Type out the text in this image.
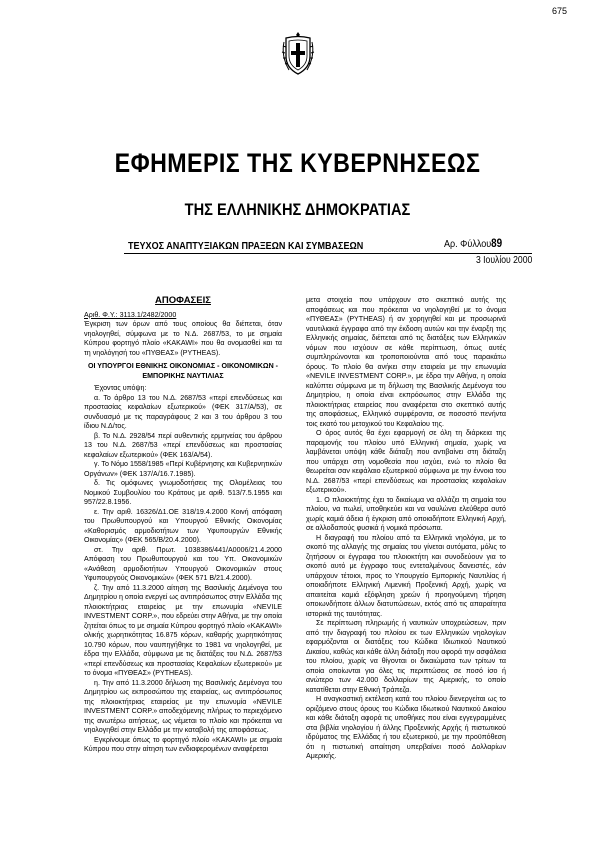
675
ΕΦΗΜΕΡΙΣ ΤΗΣ ΚΥΒΕΡΝΗΣΕΩΣ
ΤΗΣ ΕΛΛΗΝΙΚΗΣ ΔΗΜΟΚΡΑΤΙΑΣ
ΤΕΥΧΟΣ ΑΝΑΠΤΥΞΙΑΚΩΝ ΠΡΑΞΕΩΝ ΚΑΙ ΣΥΜΒΑΣΕΩΝ	Αρ. Φύλλου89
3 Ιουλίου 2000

ΑΠΟΦΑΣΕΙΣ

Αριθ. Φ.Υ.: 3113.1/2482/2000

Έγκριση των όρων από τους οποίους θα διέπεται, όταν νηολογηθεί, σύμφωνα με το Ν.Δ. 2687/53, το με σημαία Κύπρου φορτηγό πλοίο «KAKAWI» που θα ονομασθεί και τα τη νηολόγησή του «ΠΥΘΕΑΣ» (PYTHEAS).

ΟΙ ΥΠΟΥΡΓΟΙ ΕΘΝΙΚΗΣ ΟΙΚΟΝΟΜΙΑΣ - ΟΙΚΟΝΟΜΙΚΩΝ - ΕΜΠΟΡΙΚΗΣ ΝΑΥΤΙΛΙΑΣ

Έχοντας υπόψη:

α. Το άρθρο 13 του Ν.Δ. 2687/53 «περί επενδύσεως και προστασίας κεφαλαίων εξωτερικού» (ΦΕΚ 317/Α/53), σε συνδυασμό με τις παραγράφους 2 και 3 του άρθρου 3 του ίδιου Ν.Δ/τος.

β. Το Ν.Δ. 2928/54 περί αυθεντικής ερμηνείας του άρθρου 13 του Ν.Δ. 2687/53 «περί επενδύσεως και προστασίας κεφαλαίων εξωτερικού» (ΦΕΚ 163/Α/54).

γ. Το Νόμο 1558/1985 «Περί Κυβέρνησης και Κυβερνητικών Οργάνων» (ΦΕΚ 137/Α/16.7.1985).

δ. Τις ομόφωνες γνωμοδοτήσεις της Ολομέλειας του Νομικού Συμβουλίου του Κράτους με αριθ. 513/7.5.1955 και 957/22.8.1956.

ε. Την αριθ. 16326/Δ1.ΟΕ 318/19.4.2000 Κοινή απόφαση του Πρωθυπουργού και Υπουργού Εθνικής Οικονομίας «Καθορισμός αρμοδιοτήτων των Υφυπουργών Εθνικής Οικονομίας» (ΦΕΚ 565/Β/20.4.2000).

στ. Την αριθ. Πρωτ. 1038386/441/Α0006/21.4.2000 Απόφαση του Πρωθυπουργού και του Υπ. Οικονομικών «Ανάθεση αρμοδιοτήτων Υπουργού Οικονομικών στους Υφυπουργούς Οικονομικών» (ΦΕΚ 571 Β/21.4.2000).

ζ. Την από 11.3.2000 αίτηση της Βασιλικής Δεμένογα του Δημητρίου η οποία ενεργεί ως αντιπρόσωπος στην Ελλάδα της πλοιοκτήτριας εταιρείας με την επωνυμία «NEVILE INVESTMENT CORP.», που εδρεύει στην Αθήνα, με την οποία ζητείται όπως το με σημαία Κύπρου φορτηγό πλοίο «KAKAWI» ολικής χωρητικότητας 16.875 κόρων, καθαρής χωρητικότητας 10.790 κόρων, που ναυπηγήθηκε το 1981 να νηολογηθεί, με έδρα την Ελλάδα, σύμφωνα με τις διατάξεις του Ν.Δ. 2687/53 «περί επενδύσεως και προστασίας Κεφαλαίων εξωτερικού» με το όνομα «ΠΥΘΕΑΣ» (PYTHEAS).

η. Την από 11.3.2000 δήλωση της Βασιλικής Δεμένογα του Δημητρίου ως εκπροσώπου της εταιρείας, ως αντιπρόσωπος της πλοιοκτήτριας εταιρείας με την επωνυμία «NEVILE INVESTMENT CORP.» αποδεχόμενης πλήρως το περιεχόμενο της ανωτέρω αιτήσεως, ως νέμεται το πλοίο και πρόκειται να νηολογηθεί στην Ελλάδα με την καταβολή της αποφάσεως.

Εγκρίνουμε όπως το φορτηγό πλοίο «KAKAWI» με σημαία Κύπρου που στην αίτηση των ενδιαφερομένων αναφέρεται

μετα στοιχεία που υπάρχουν στο σκεπτικό αυτής της αποφάσεως και που πρόκειται να νηολογηθεί με το όνομα «ΠΥΘΕΑΣ» (PYTHEAS) ή αν χορηγηθεί και με προσωρινά ναυτιλιακά έγγραφα από την έκδοση αυτών και την έναρξη της Ελληνικής σημαίας, διέπεται από τις διατάξεις των Ελληνικών νόμων που ισχύουν σε κάθε περίπτωση, όπως αυτές συμπληρώνονται και τροποποιούνται από τους παρακάτω όρους. Το πλοίο θα ανήκει στην εταιρεία με την επωνυμία «NEVILE INVESTMENT CORP.», με έδρα την Αθήνα, η οποία καλύπτει σύμφωνα με τη δήλωση της Βασιλικής Δεμένογα του Δημητρίου, η οποία είναι εκπρόσωπος στην Ελλάδα της πλοιοκτήτριας εταιρείας που αναφέρεται στο σκεπτικό αυτής της αποφάσεως, Ελληνικό συμφέροντα, σε ποσοστό πενήντα τοις εκατό του μετοχικού του Κεφαλαίου της.

Ο όρος αυτός θα έχει εφαρμογή σε όλη τη διάρκεια της παραμονής του πλοίου υπό Ελληνική σημαία, χωρίς να λαμβάνεται υπόψη κάθε διάταξη που αντιβαίνει στη διάταξη που υπάρχει στη νομοθεσία που ισχύει, ενώ το πλοίο θα θεωρείται σαν κεφάλαιο εξωτερικού σύμφωνα με την έννοια του Ν.Δ. 2687/53 «περί επενδύσεως και προστασίας κεφαλαίων εξωτερικού».

1. Ο πλοιοκτήτης έχει το δικαίωμα να αλλάζει τη σημαία του πλοίου, να πωλεί, υποθηκεύει και να ναυλώνει ελεύθερα αυτό χωρίς καμιά άδεια ή έγκριση από οποιαδήποτε Ελληνική Αρχή, σε αλλοδαπούς φυσικά ή νομικά πρόσωπα.

Η διαγραφή του πλοίου από τα Ελληνικά νηολόγια, με το σκοπό της αλλαγής της σημαίας του γίνεται αυτόματα, μόλις το ζητήσουν οι έγγραφα του πλοιοκτήτη και συνοδεύουν για το σκοπό αυτό με έγγραφο τους εντεταλμένους δανειστές, εάν υπάρχουν τέτοιοι, προς το Υπουργείο Εμπορικής Ναυτιλίας ή οποιαδήποτε Ελληνική Λιμενική Προξενική Αρχή, χωρίς να απαιτείται καμιά εξόφληση χρεών ή προηγούμενη τήρηση οποιωνδήποτε άλλων διατυπώσεων, εκτός από τις απαραίτητα ιστορικά της ταυτότητας.

Σε περίπτωση πληρωμής ή ναυτικών υποχρεώσεων, πριν από την διαγραφή του πλοίου εκ των Ελληνικών νηολογίων εφαρμόζονται οι διατάξεις του Κώδικα Ιδιωτικού Ναυτικού Δικαίου, καθώς και κάθε άλλη διάταξη που αφορά την ασφάλεια του πλοίου, χωρίς να θίγονται οι δικαιώματα των τρίτων τα οποία οποίωνται για όλες τις περιπτώσεις σε ποσό ίσο ή ανώτερο των 42.000 δολλαρίων της Αμερικής, το οποίο κατατίθεται στην Εθνική Τράπεζα.

Η αναγκαστική εκτέλεση κατά του πλοίου διενεργείται ως το οριζόμενο στους όρους του Κώδικα Ιδιωτικού Ναυτικού Δικαίου και κάθε διάταξη αφορά τις υποθήκες που είναι εγγεγραμμένες στα βιβλία νηολογίου ή άλλης Προξενικής Αρχής ή πιστωτικού ιδρύματος της Ελλάδας ή του εξωτερικού, με την προϋπόθεση ότι η πιστωτική απαίτηση υπερβαίνει ποσό Δολλαρίων Αμερικής.
